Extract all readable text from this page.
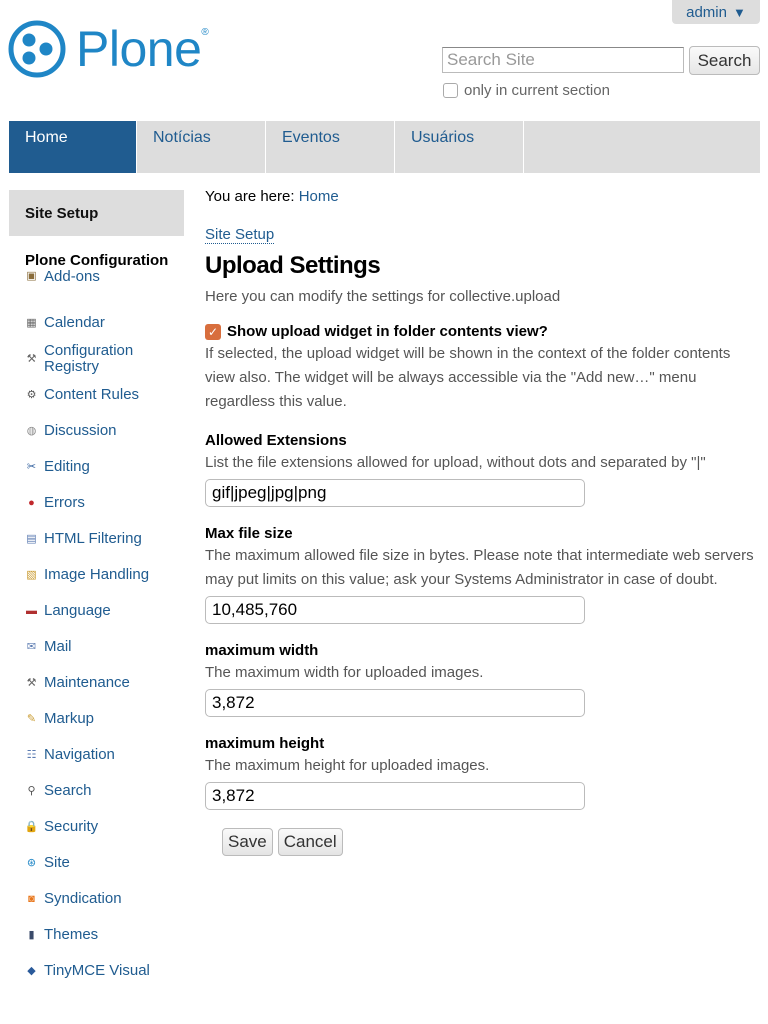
admin ▼
Plone®
Search Site
Search
only in current section
Home	Notícias	Eventos	Usuários
Site Setup
Plone Configuration
▣ Add-ons
▦ Calendar
⚒ Configuration Registry
⚙ Content Rules
◍ Discussion
✂ Editing
● Errors
▤ HTML Filtering
▧ Image Handling
▬ Language
✉ Mail
⚒ Maintenance
✎ Markup
☷ Navigation
⚲ Search
🔒 Security
⊛ Site
◙ Syndication
▮ Themes
◆ TinyMCE Visual
You are here: Home
Site Setup
Upload Settings
Here you can modify the settings for collective.upload
✓ Show upload widget in folder contents view?
If selected, the upload widget will be shown in the context of the folder contents view also. The widget will be always accessible via the "Add new…" menu regardless this value.
Allowed Extensions
List the file extensions allowed for upload, without dots and separated by "|"
gif|jpeg|jpg|png
Max file size
The maximum allowed file size in bytes. Please note that intermediate web servers may put limits on this value; ask your Systems Administrator in case of doubt.
10,485,760
maximum width
The maximum width for uploaded images.
3,872
maximum height
The maximum height for uploaded images.
3,872
Save	Cancel
